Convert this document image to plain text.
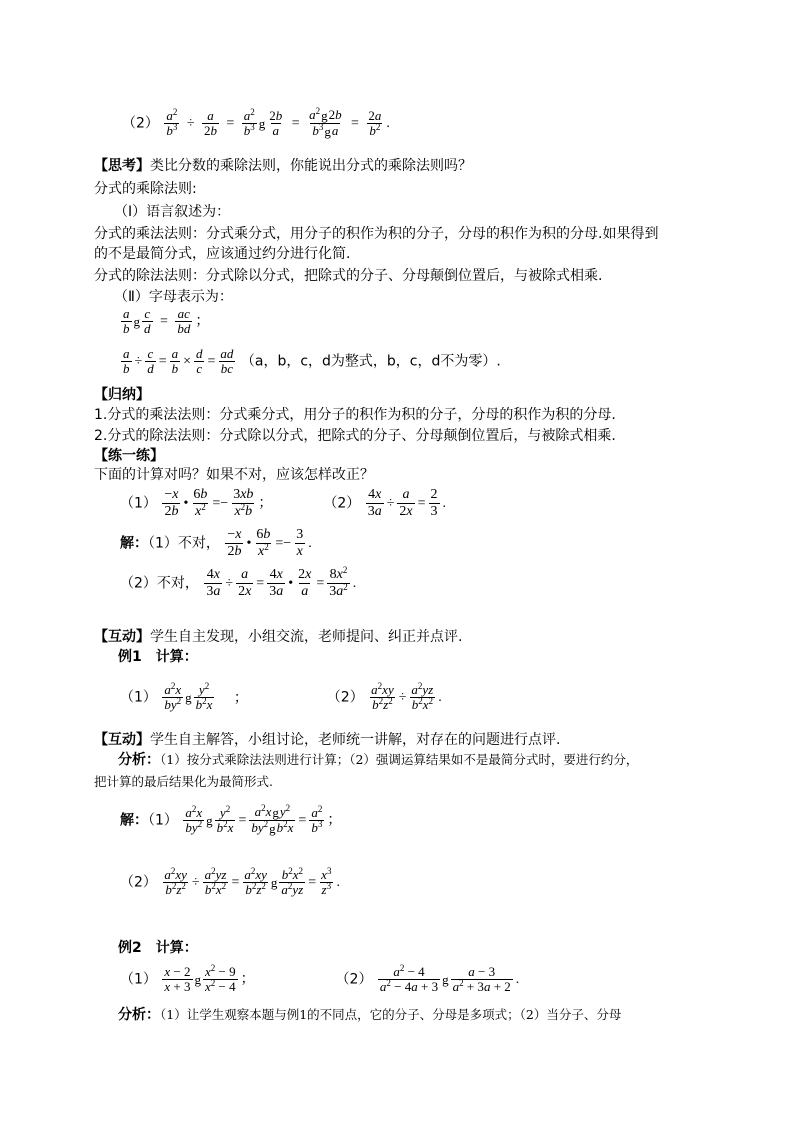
$(2) \frac{a^2}{b^3} \div \frac{a}{2b} = \frac{a^2}{b^3}$ g $\frac{2b}{a} = \frac{a^2g2b}{b^3ga} = \frac{2a}{b^2}$ .
【思考】类比分数的乘除法则，你能说出分式的乘除法则吗？
分式的乘除法则:
（Ⅰ）语言叙述为：
分式的乘法法则：分式乘分式，用分子的积作为积的分子，分母的积作为积的分母.如果得到
的不是最简分式，应该通过约分进行化简.
分式的除法法则：分式除以分式，把除式的分子、分母颠倒位置后，与被除式相乘.
（Ⅱ）字母表示为：
$\frac{a}{b}$ g $\frac{c}{d} = \frac{ac}{bd}$ ；
$\frac{a}{b} \div \frac{c}{d} = \frac{a}{b} \times \frac{d}{c} = \frac{ad}{bc} (a$，b，c，d为整式，b，c，d不为零）.
【归纳】
1.分式的乘法法则：分式乘分式，用分子的积作为积的分子，分母的积作为积的分母.
2.分式的除法法则：分式除以分式，把除式的分子、分母颠倒位置后，与被除式相乘.
【练一练】
下面的计算对吗？如果不对，应该怎样改正？
$(1) \frac{-x}{2b}$ • $\frac{6b}{x^2} =- \frac{3xb}{x^2b}$ ；	$(2) \frac{4x}{3a} \div \frac{a}{2x} = \frac{2}{3}$ .
解：（1）不对， $\frac{-x}{2b}$ • $\frac{6b}{x^2} =- \frac{3}{x}$ .
（2）不对， $\frac{4x}{3a} \div \frac{a}{2x} = \frac{4x}{3a}$ • $\frac{2x}{a} = \frac{8x^2}{3a^2}$ .
【互动】学生自主发现，小组交流，老师提问、纠正并点评.
例1　计算：
$(1) \frac{a^2x}{by^2}$ g $\frac{y^2}{b^2x}$ ；	$(2) \frac{a^2xy}{b^2z^2} \div \frac{a^2yz}{b^2x^2}$ .
【互动】学生自主解答，小组讨论，老师统一讲解，对存在的问题进行点评.
分析：（1）按分式乘除法法则进行计算；（2）强调运算结果如不是最简分式时，要进行约分，
把计算的最后结果化为最简形式.
解：$(1) \frac{a^2x}{by^2}$ g $\frac{y^2}{b^2x}$ =
$a^2xgy^2$
$by^2gb^2x = \frac{a^2}{b^3}$ ；
$(2) \frac{a^2xy}{b^2z^2} \div \frac{a^2yz}{b^2x^2} = \frac{a^2xy}{b^2z^2}$ g $\frac{b^2x^2}{a^2yz} = \frac{x^3}{z^3}$ .
例2　计算：
$(1) \frac{x - 2}{x + 3}$ g $\frac{x^2 - 9}{x^2 - 4}$ ；	$(2) \frac{a^2 - 4}{a^2 - 4a + 3}$ g $\frac{a - 3}{a^2 + 3a + 2}$ .
分析：（1）让学生观察本题与例1的不同点，它的分子、分母是多项式；（2）当分子、分母
